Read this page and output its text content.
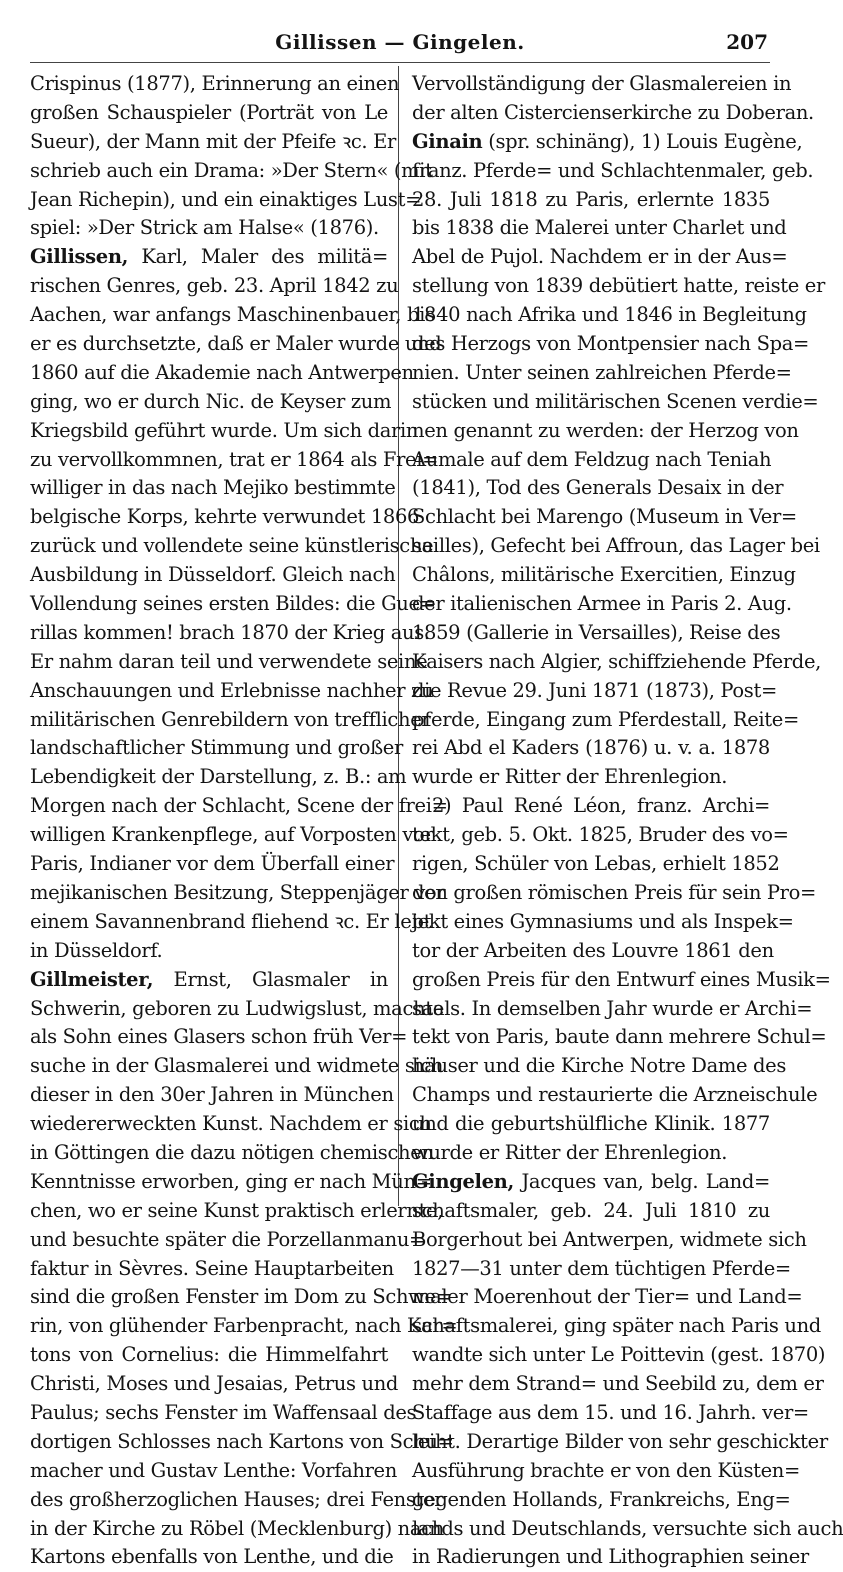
Gillissen — Gingelen.	207
Crispinus (1877), Erinnerung an einen
großen Schauspieler (Porträt von Le
Sueur), der Mann mit der Pfeife ꝛc. Er
schrieb auch ein Drama: »Der Stern« (mit
Jean Richepin), und ein einaktiges Lust=
spiel: »Der Strick am Halse« (1876).
Gillissen, Karl, Maler des militä=
rischen Genres, geb. 23. April 1842 zu
Aachen, war anfangs Maschinenbauer, bis
er es durchsetzte, daß er Maler wurde und
1860 auf die Akademie nach Antwerpen
ging, wo er durch Nic. de Keyser zum
Kriegsbild geführt wurde. Um sich darin
zu vervollkommnen, trat er 1864 als Frei=
williger in das nach Mejiko bestimmte
belgische Korps, kehrte verwundet 1866
zurück und vollendete seine künstlerische
Ausbildung in Düsseldorf. Gleich nach
Vollendung seines ersten Bildes: die Gue=
rillas kommen! brach 1870 der Krieg aus.
Er nahm daran teil und verwendete seine
Anschauungen und Erlebnisse nachher zu
militärischen Genrebildern von trefflicher
landschaftlicher Stimmung und großer
Lebendigkeit der Darstellung, z. B.: am
Morgen nach der Schlacht, Scene der frei=
willigen Krankenpflege, auf Vorposten vor
Paris, Indianer vor dem Überfall einer
mejikanischen Besitzung, Steppenjäger vor
einem Savannenbrand fliehend ꝛc. Er lebt
in Düsseldorf.
Gillmeister, Ernst, Glasmaler in
Schwerin, geboren zu Ludwigslust, machte
als Sohn eines Glasers schon früh Ver=
suche in der Glasmalerei und widmete sich
dieser in den 30er Jahren in München
wiedererweckten Kunst. Nachdem er sich
in Göttingen die dazu nötigen chemischen
Kenntnisse erworben, ging er nach Mün=
chen, wo er seine Kunst praktisch erlernte,
und besuchte später die Porzellanmanu=
faktur in Sèvres. Seine Hauptarbeiten
sind die großen Fenster im Dom zu Schwe=
rin, von glühender Farbenpracht, nach Kar=
tons von Cornelius: die Himmelfahrt
Christi, Moses und Jesaias, Petrus und
Paulus; sechs Fenster im Waffensaal des
dortigen Schlosses nach Kartons von Schu=
macher und Gustav Lenthe: Vorfahren
des großherzoglichen Hauses; drei Fenster
in der Kirche zu Röbel (Mecklenburg) nach
Kartons ebenfalls von Lenthe, und die
Vervollständigung der Glasmalereien in
der alten Cistercienserkirche zu Doberan.
Ginain (spr. schinäng), 1) Louis Eugène,
franz. Pferde= und Schlachtenmaler, geb.
28. Juli 1818 zu Paris, erlernte 1835
bis 1838 die Malerei unter Charlet und
Abel de Pujol. Nachdem er in der Aus=
stellung von 1839 debütiert hatte, reiste er
1840 nach Afrika und 1846 in Begleitung
des Herzogs von Montpensier nach Spa=
nien. Unter seinen zahlreichen Pferde=
stücken und militärischen Scenen verdie=
nen genannt zu werden: der Herzog von
Aumale auf dem Feldzug nach Teniah
(1841), Tod des Generals Desaix in der
Schlacht bei Marengo (Museum in Ver=
sailles), Gefecht bei Affroun, das Lager bei
Châlons, militärische Exercitien, Einzug
der italienischen Armee in Paris 2. Aug.
1859 (Gallerie in Versailles), Reise des
Kaisers nach Algier, schiffziehende Pferde,
die Revue 29. Juni 1871 (1873), Post=
pferde, Eingang zum Pferdestall, Reite=
rei Abd el Kaders (1876) u. v. a. 1878
wurde er Ritter der Ehrenlegion.
2) Paul René Léon, franz. Archi=
tekt, geb. 5. Okt. 1825, Bruder des vo=
rigen, Schüler von Lebas, erhielt 1852
den großen römischen Preis für sein Pro=
jekt eines Gymnasiums und als Inspek=
tor der Arbeiten des Louvre 1861 den
großen Preis für den Entwurf eines Musik=
saals. In demselben Jahr wurde er Archi=
tekt von Paris, baute dann mehrere Schul=
häuser und die Kirche Notre Dame des
Champs und restaurierte die Arzneischule
und die geburtshülfliche Klinik. 1877
wurde er Ritter der Ehrenlegion.
Gingelen, Jacques van, belg. Land=
schaftsmaler, geb. 24. Juli 1810 zu
Borgerhout bei Antwerpen, widmete sich
1827—31 unter dem tüchtigen Pferde=
maler Moerenhout der Tier= und Land=
schaftsmalerei, ging später nach Paris und
wandte sich unter Le Poittevin (gest. 1870)
mehr dem Strand= und Seebild zu, dem er
Staffage aus dem 15. und 16. Jahrh. ver=
leiht. Derartige Bilder von sehr geschickter
Ausführung brachte er von den Küsten=
gegenden Hollands, Frankreichs, Eng=
lands und Deutschlands, versuchte sich auch
in Radierungen und Lithographien seiner
